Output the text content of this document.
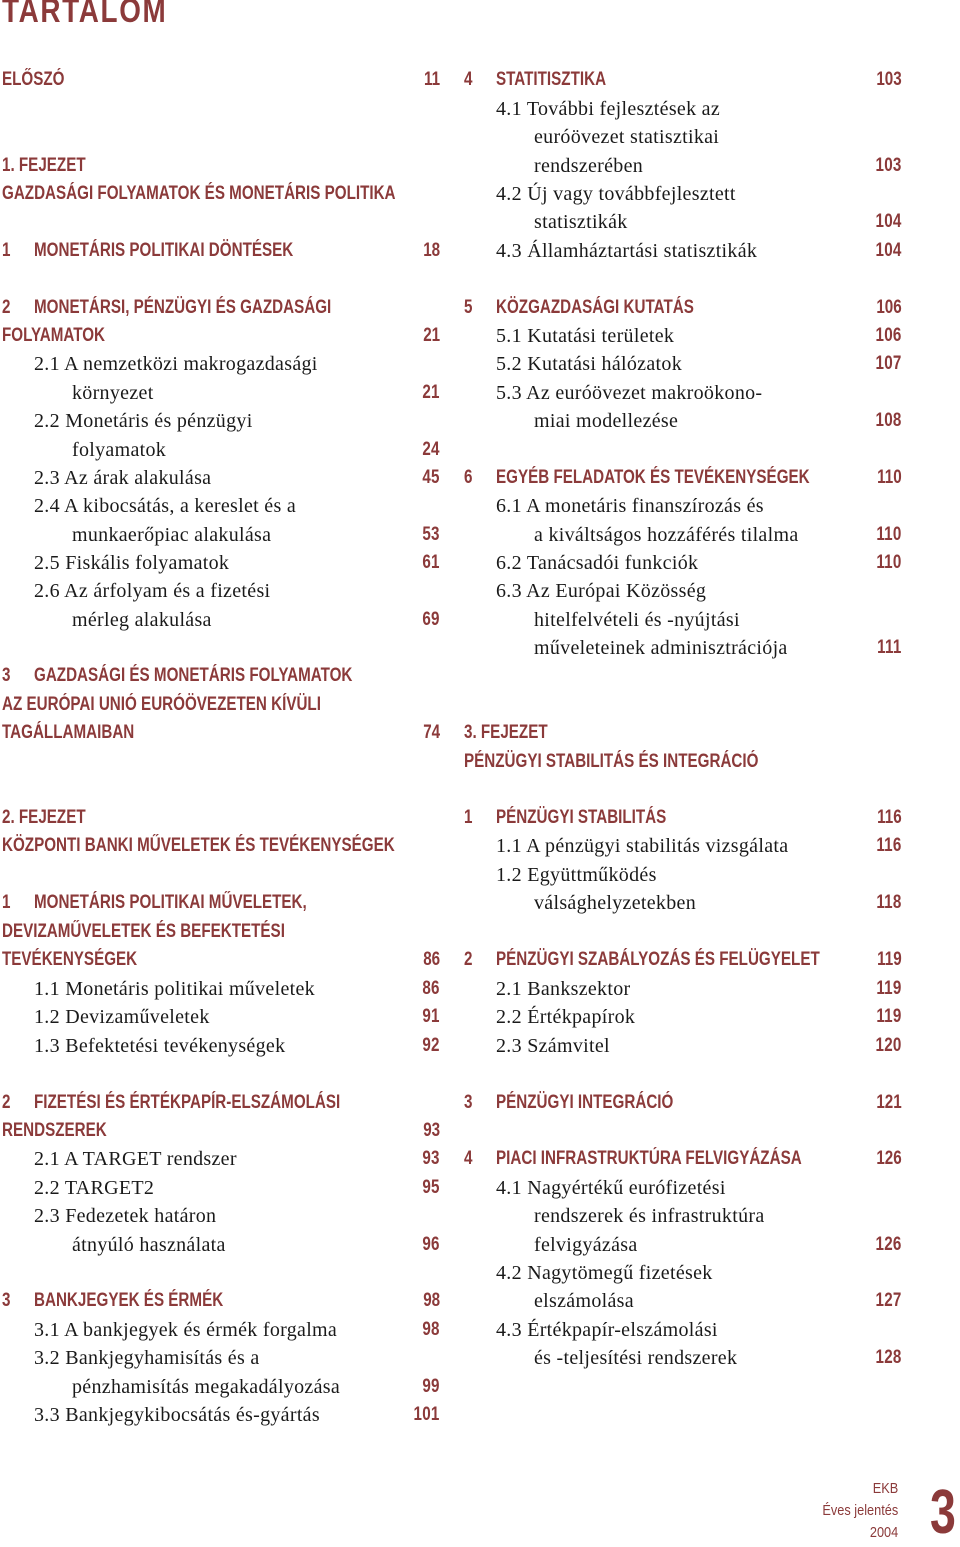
TARTALOM
ELŐSZÓ	11
1. FEJEZET
GAZDASÁGI FOLYAMATOK ÉS MONETÁRIS POLITIKA
1 MONETÁRIS POLITIKAI DÖNTÉSEK	18
2 MONETÁRSI, PÉNZÜGYI ÉS GAZDASÁGI
FOLYAMATOK	21
2.1 A nemzetközi makrogazdasági
környezet	21
2.2 Monetáris és pénzügyi
folyamatok	24
2.3 Az árak alakulása	45
2.4 A kibocsátás, a kereslet és a
munkaerőpiac alakulása	53
2.5 Fiskális folyamatok	61
2.6 Az árfolyam és a fizetési
mérleg alakulása	69
3 GAZDASÁGI ÉS MONETÁRIS FOLYAMATOK
AZ EURÓPAI UNIÓ EURÓÖVEZETEN KÍVÜLI
TAGÁLLAMAIBAN	74
2. FEJEZET
KÖZPONTI BANKI MŰVELETEK ÉS TEVÉKENYSÉGEK
1 MONETÁRIS POLITIKAI MŰVELETEK,
DEVIZAMŰVELETEK ÉS BEFEKTETÉSI
TEVÉKENYSÉGEK	86
1.1 Monetáris politikai műveletek	86
1.2 Devizaműveletek	91
1.3 Befektetési tevékenységek	92
2 FIZETÉSI ÉS ÉRTÉKPAPÍR-ELSZÁMOLÁSI
RENDSZEREK	93
2.1 A TARGET rendszer	93
2.2 TARGET2	95
2.3 Fedezetek határon
átnyúló használata	96
3 BANKJEGYEK ÉS ÉRMÉK	98
3.1 A bankjegyek és érmék forgalma	98
3.2 Bankjegyhamisítás és a
pénzhamisítás megakadályozása	99
3.3 Bankjegykibocsátás és-gyártás	101
4 STATITISZTIKA	103
4.1 További fejlesztések az
euróövezet statisztikai
rendszerében	103
4.2 Új vagy továbbfejlesztett
statisztikák	104
4.3 Államháztartási statisztikák	104
5 KÖZGAZDASÁGI KUTATÁS	106
5.1 Kutatási területek	106
5.2 Kutatási hálózatok	107
5.3 Az euróövezet makroökono-
miai modellezése	108
6 EGYÉB FELADATOK ÉS TEVÉKENYSÉGEK	110
6.1 A monetáris finanszírozás és
a kiváltságos hozzáférés tilalma	110
6.2 Tanácsadói funkciók	110
6.3 Az Európai Közösség
hitelfelvételi és -nyújtási
műveleteinek adminisztrációja	111
3. FEJEZET
PÉNZÜGYI STABILITÁS ÉS INTEGRÁCIÓ
1 PÉNZÜGYI STABILITÁS	116
1.1 A pénzügyi stabilitás vizsgálata	116
1.2 Együttműködés
válsághelyzetekben	118
2 PÉNZÜGYI SZABÁLYOZÁS ÉS FELÜGYELET	119
2.1 Bankszektor	119
2.2 Értékpapírok	119
2.3 Számvitel	120
3 PÉNZÜGYI INTEGRÁCIÓ	121
4 PIACI INFRASTRUKTÚRA FELVIGYÁZÁSA	126
4.1 Nagyértékű eurófizetési
rendszerek és infrastruktúra
felvigyázása	126
4.2 Nagytömegű fizetések
elszámolása	127
4.3 Értékpapír-elszámolási
és -teljesítési rendszerek	128
EKB
Éves jelentés
2004 3
